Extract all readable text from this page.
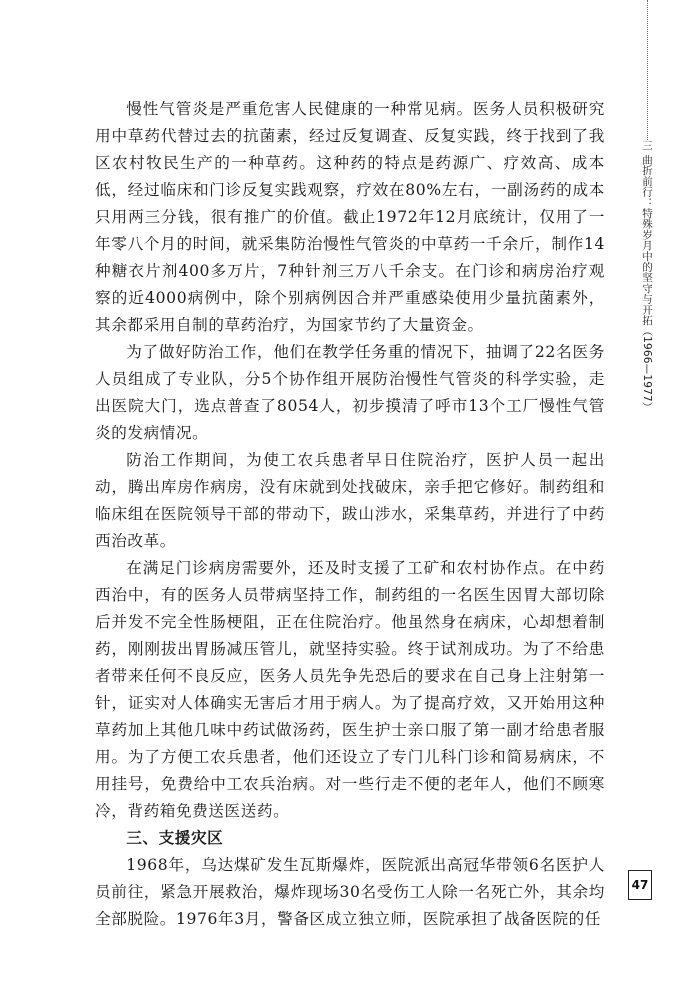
三 曲折前行：特殊岁月中的坚守与开拓（1966—1977）

慢性气管炎是严重危害人民健康的一种常见病。医务人员积极研究用中草药代替过去的抗菌素，经过反复调查、反复实践，终于找到了我区农村牧民生产的一种草药。这种药的特点是药源广、疗效高、成本低，经过临床和门诊反复实践观察，疗效在80%左右，一副汤药的成本只用两三分钱，很有推广的价值。截止1972年12月底统计，仅用了一年零八个月的时间，就采集防治慢性气管炎的中草药一千余斤，制作14种糖衣片剂400多万片，7种针剂三万八千余支。在门诊和病房治疗观察的近4000病例中，除个别病例因合并严重感染使用少量抗菌素外，其余都采用自制的草药治疗，为国家节约了大量资金。

为了做好防治工作，他们在教学任务重的情况下，抽调了22名医务人员组成了专业队，分5个协作组开展防治慢性气管炎的科学实验，走出医院大门，选点普查了8054人，初步摸清了呼市13个工厂慢性气管炎的发病情况。

防治工作期间，为使工农兵患者早日住院治疗，医护人员一起出动，腾出库房作病房，没有床就到处找破床，亲手把它修好。制药组和临床组在医院领导干部的带动下，跋山涉水，采集草药，并进行了中药西治改革。

在满足门诊病房需要外，还及时支援了工矿和农村协作点。在中药西治中，有的医务人员带病坚持工作，制药组的一名医生因胃大部切除后并发不完全性肠梗阻，正在住院治疗。他虽然身在病床，心却想着制药，刚刚拔出胃肠减压管儿，就坚持实验。终于试剂成功。为了不给患者带来任何不良反应，医务人员先争先恐后的要求在自己身上注射第一针，证实对人体确实无害后才用于病人。为了提高疗效，又开始用这种草药加上其他几味中药试做汤药，医生护士亲口服了第一副才给患者服用。为了方便工农兵患者，他们还设立了专门儿科门诊和简易病床，不用挂号，免费给中工农兵治病。对一些行走不便的老年人，他们不顾寒冷，背药箱免费送医送药。

三、支援灾区

1968年，乌达煤矿发生瓦斯爆炸，医院派出高冠华带领6名医护人员前往，紧急开展救治，爆炸现场30名受伤工人除一名死亡外，其余均全部脱险。1976年3月，警备区成立独立师，医院承担了战备医院的任

47
